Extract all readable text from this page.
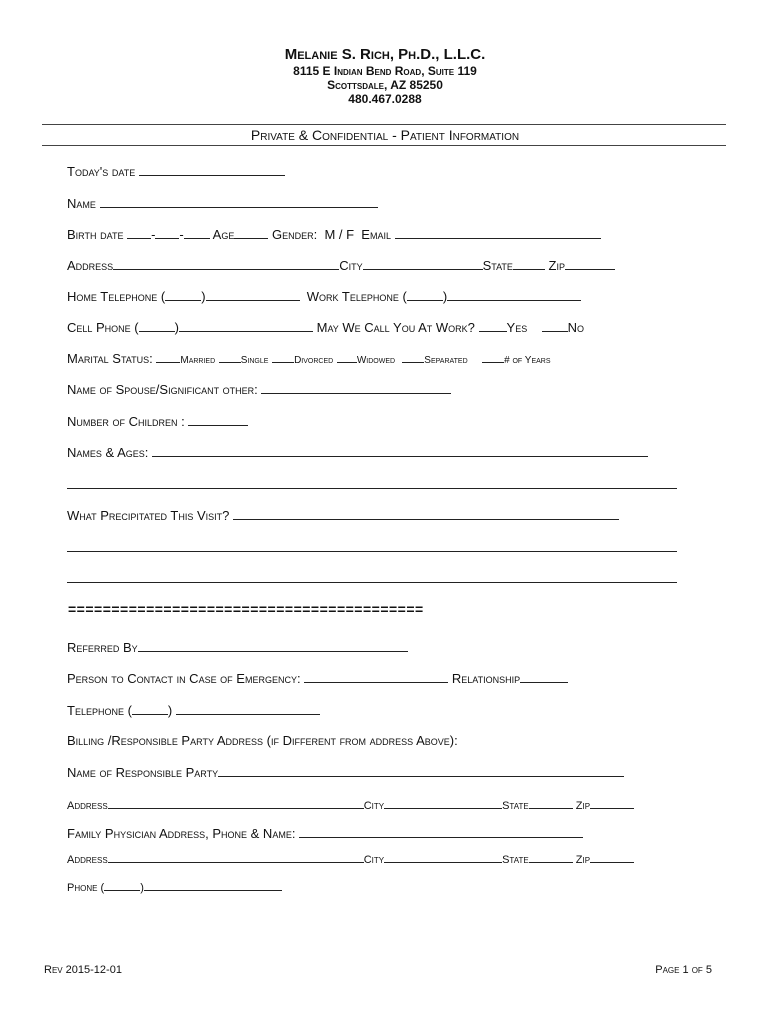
Melanie S. Rich, Ph.D., L.L.C.
8115 E Indian Bend Road, Suite 119
Scottsdale, AZ 85250
480.467.0288
Private & Confidential - Patient Information
Today's date
Name
Birth date - - Age	Gender: M / F Email
Address	City	State	Zip
Home Telephone (	)	Work Telephone (	)
Cell Phone (	)	May We Call You At Work? Yes	No
Marital Status:	Married	Single	Divorced Widowed	Separated	# of Years
Name of Spouse/Significant other:
Number of Children :
Names & Ages:
What Precipitated This Visit?
=========================================
Referred By
Person to Contact in Case of Emergency:	Relationship
Telephone (	)
Billing /Responsible Party Address (if Different from address Above):
Name of Responsible Party
Address	City	State	Zip
Family Physician Address, Phone & Name:
Address	City	State	Zip
Phone (	)
Rev 2015-12-01	Page 1 of 5
